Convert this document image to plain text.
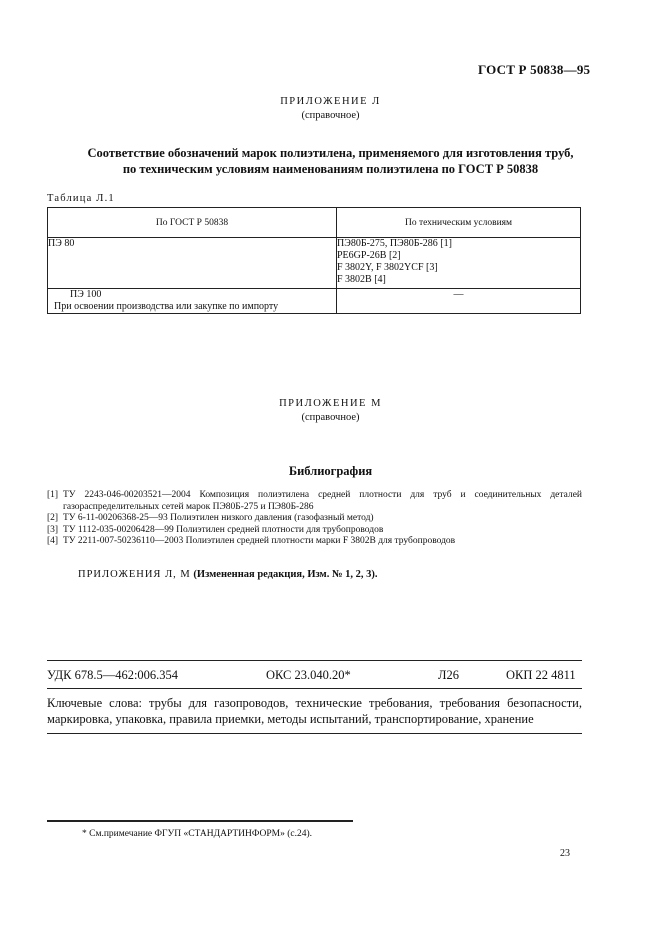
ГОСТ Р 50838—95
ПРИЛОЖЕНИЕ Л
(справочное)
Соответствие обозначений марок полиэтилена, применяемого для изготовления труб,
по техническим условиям наименованиям полиэтилена по ГОСТ Р 50838
Таблица Л.1
По ГОСТ Р 50838	По техническим условиям

ПЭ 80	ПЭ80Б-275, ПЭ80Б-286 [1]
PE6GP-26B [2]
F 3802Y, F 3802YCF [3]
F 3802B [4]

ПЭ 100
При освоении производства или закупке по импорту	—
ПРИЛОЖЕНИЕ М
(справочное)
Библиография
[1] ТУ 2243-046-00203521—2004 Композиция полиэтилена средней плотности для труб и соединительных деталей газораспределительных сетей марок ПЭ80Б-275 и ПЭ80Б-286
[2] ТУ 6-11-00206368-25—93 Полиэтилен низкого давления (газофазный метод)
[3] ТУ 1112-035-00206428—99 Полиэтилен средней плотности для трубопроводов
[4] ТУ 2211-007-50236110—2003 Полиэтилен средней плотности марки F 3802B для трубопроводов
ПРИЛОЖЕНИЯ Л, М (Измененная редакция, Изм. № 1, 2, 3).
УДК 678.5—462:006.354	ОКС 23.040.20*	Л26	ОКП 22 4811
Ключевые слова: трубы для газопроводов, технические требования, требования безопасности, маркировка, упаковка, правила приемки, методы испытаний, транспортирование, хранение
* См.примечание ФГУП «СТАНДАРТИНФОРМ» (с.24).
23
